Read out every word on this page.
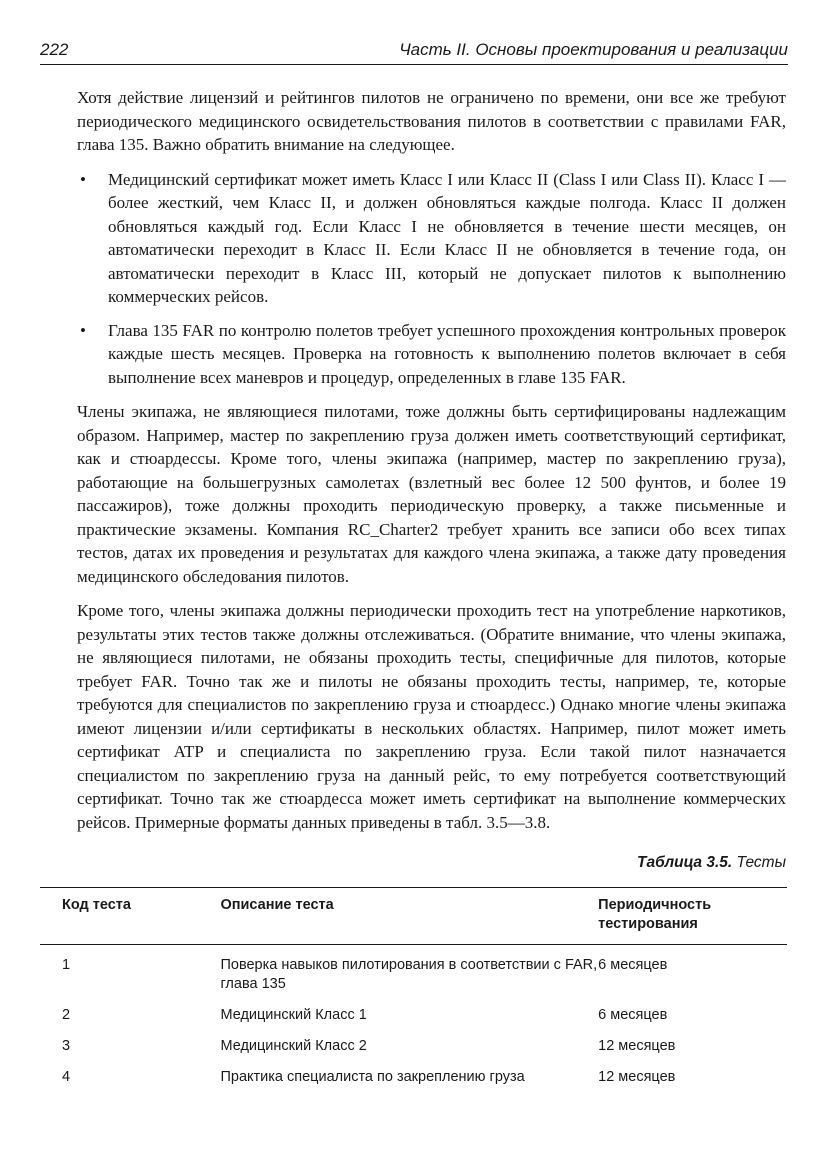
222	Часть II. Основы проектирования и реализации

Хотя действие лицензий и рейтингов пилотов не ограничено по времени, они все же требуют периодического медицинского освидетельствования пилотов в соответствии с правилами FAR, глава 135. Важно обратить внимание на следующее.

• Медицинский сертификат может иметь Класс I или Класс II (Class I или Class II). Класс I — более жесткий, чем Класс II, и должен обновляться каждые полгода. Класс II должен обновляться каждый год. Если Класс I не обновляется в течение шести месяцев, он автоматически переходит в Класс II. Если Класс II не обновляется в течение года, он автоматически переходит в Класс III, который не допускает пилотов к выполнению коммерческих рейсов.
• Глава 135 FAR по контролю полетов требует успешного прохождения контрольных проверок каждые шесть месяцев. Проверка на готовность к выполнению полетов включает в себя выполнение всех маневров и процедур, определенных в главе 135 FAR.

Члены экипажа, не являющиеся пилотами, тоже должны быть сертифицированы надлежащим образом. Например, мастер по закреплению груза должен иметь соответствующий сертификат, как и стюардессы. Кроме того, члены экипажа (например, мастер по закреплению груза), работающие на большегрузных самолетах (взлетный вес более 12 500 фунтов, и более 19 пассажиров), тоже должны проходить периодическую проверку, а также письменные и практические экзамены. Компания RC_Charter2 требует хранить все записи обо всех типах тестов, датах их проведения и результатах для каждого члена экипажа, а также дату проведения медицинского обследования пилотов.

Кроме того, члены экипажа должны периодически проходить тест на употребление наркотиков, результаты этих тестов также должны отслеживаться. (Обратите внимание, что члены экипажа, не являющиеся пилотами, не обязаны проходить тесты, специфичные для пилотов, которые требует FAR. Точно так же и пилоты не обязаны проходить тесты, например, те, которые требуются для специалистов по закреплению груза и стюардесс.) Однако многие члены экипажа имеют лицензии и/или сертификаты в нескольких областях. Например, пилот может иметь сертификат ATP и специалиста по закреплению груза. Если такой пилот назначается специалистом по закреплению груза на данный рейс, то ему потребуется соответствующий сертификат. Точно так же стюардесса может иметь сертификат на выполнение коммерческих рейсов. Примерные форматы данных приведены в табл. 3.5—3.8.

Таблица 3.5. Тесты
Код теста	Описание теста	Периодичность тестирования
1	Поверка навыков пилотирования в соответствии с FAR, глава 135	6 месяцев
2	Медицинский Класс 1	6 месяцев
3	Медицинский Класс 2	12 месяцев
4	Практика специалиста по закреплению груза	12 месяцев
